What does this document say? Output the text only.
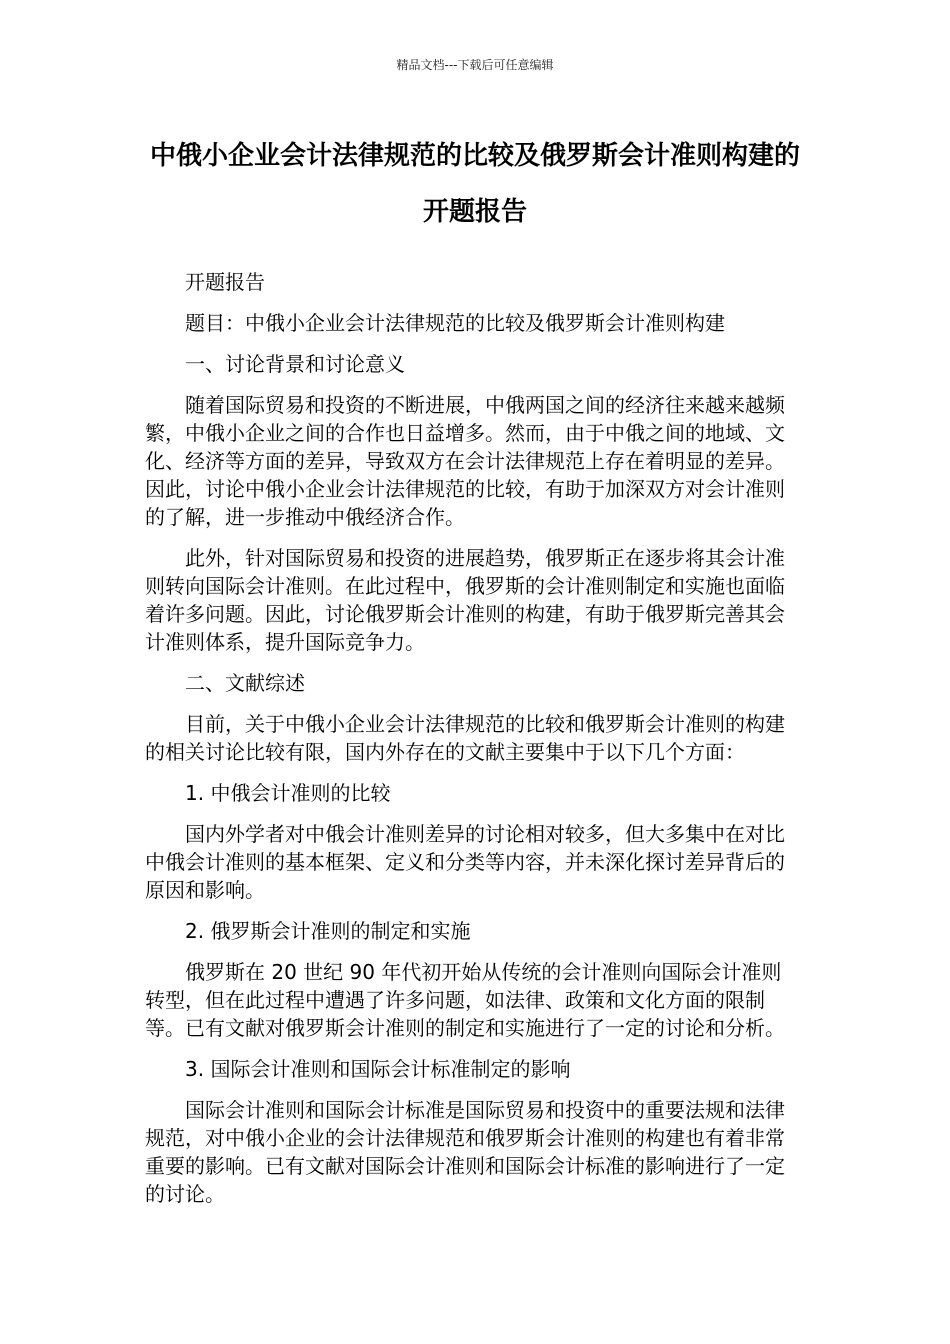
精品文档---下载后可任意编辑
中俄小企业会计法律规范的比较及俄罗斯会计准则构建的开题报告

开题报告

题目：中俄小企业会计法律规范的比较及俄罗斯会计准则构建

一、讨论背景和讨论意义

随着国际贸易和投资的不断进展，中俄两国之间的经济往来越来越频繁，中俄小企业之间的合作也日益增多。然而，由于中俄之间的地域、文化、经济等方面的差异，导致双方在会计法律规范上存在着明显的差异。因此，讨论中俄小企业会计法律规范的比较，有助于加深双方对会计准则的了解，进一步推动中俄经济合作。

此外，针对国际贸易和投资的进展趋势，俄罗斯正在逐步将其会计准则转向国际会计准则。在此过程中，俄罗斯的会计准则制定和实施也面临着许多问题。因此，讨论俄罗斯会计准则的构建，有助于俄罗斯完善其会计准则体系，提升国际竞争力。

二、文献综述

目前，关于中俄小企业会计法律规范的比较和俄罗斯会计准则的构建的相关讨论比较有限，国内外存在的文献主要集中于以下几个方面：

1. 中俄会计准则的比较

国内外学者对中俄会计准则差异的讨论相对较多，但大多集中在对比中俄会计准则的基本框架、定义和分类等内容，并未深化探讨差异背后的原因和影响。

2. 俄罗斯会计准则的制定和实施

俄罗斯在 20 世纪 90 年代初开始从传统的会计准则向国际会计准则转型，但在此过程中遭遇了许多问题，如法律、政策和文化方面的限制等。已有文献对俄罗斯会计准则的制定和实施进行了一定的讨论和分析。

3. 国际会计准则和国际会计标准制定的影响

国际会计准则和国际会计标准是国际贸易和投资中的重要法规和法律规范，对中俄小企业的会计法律规范和俄罗斯会计准则的构建也有着非常重要的影响。已有文献对国际会计准则和国际会计标准的影响进行了一定的讨论。
